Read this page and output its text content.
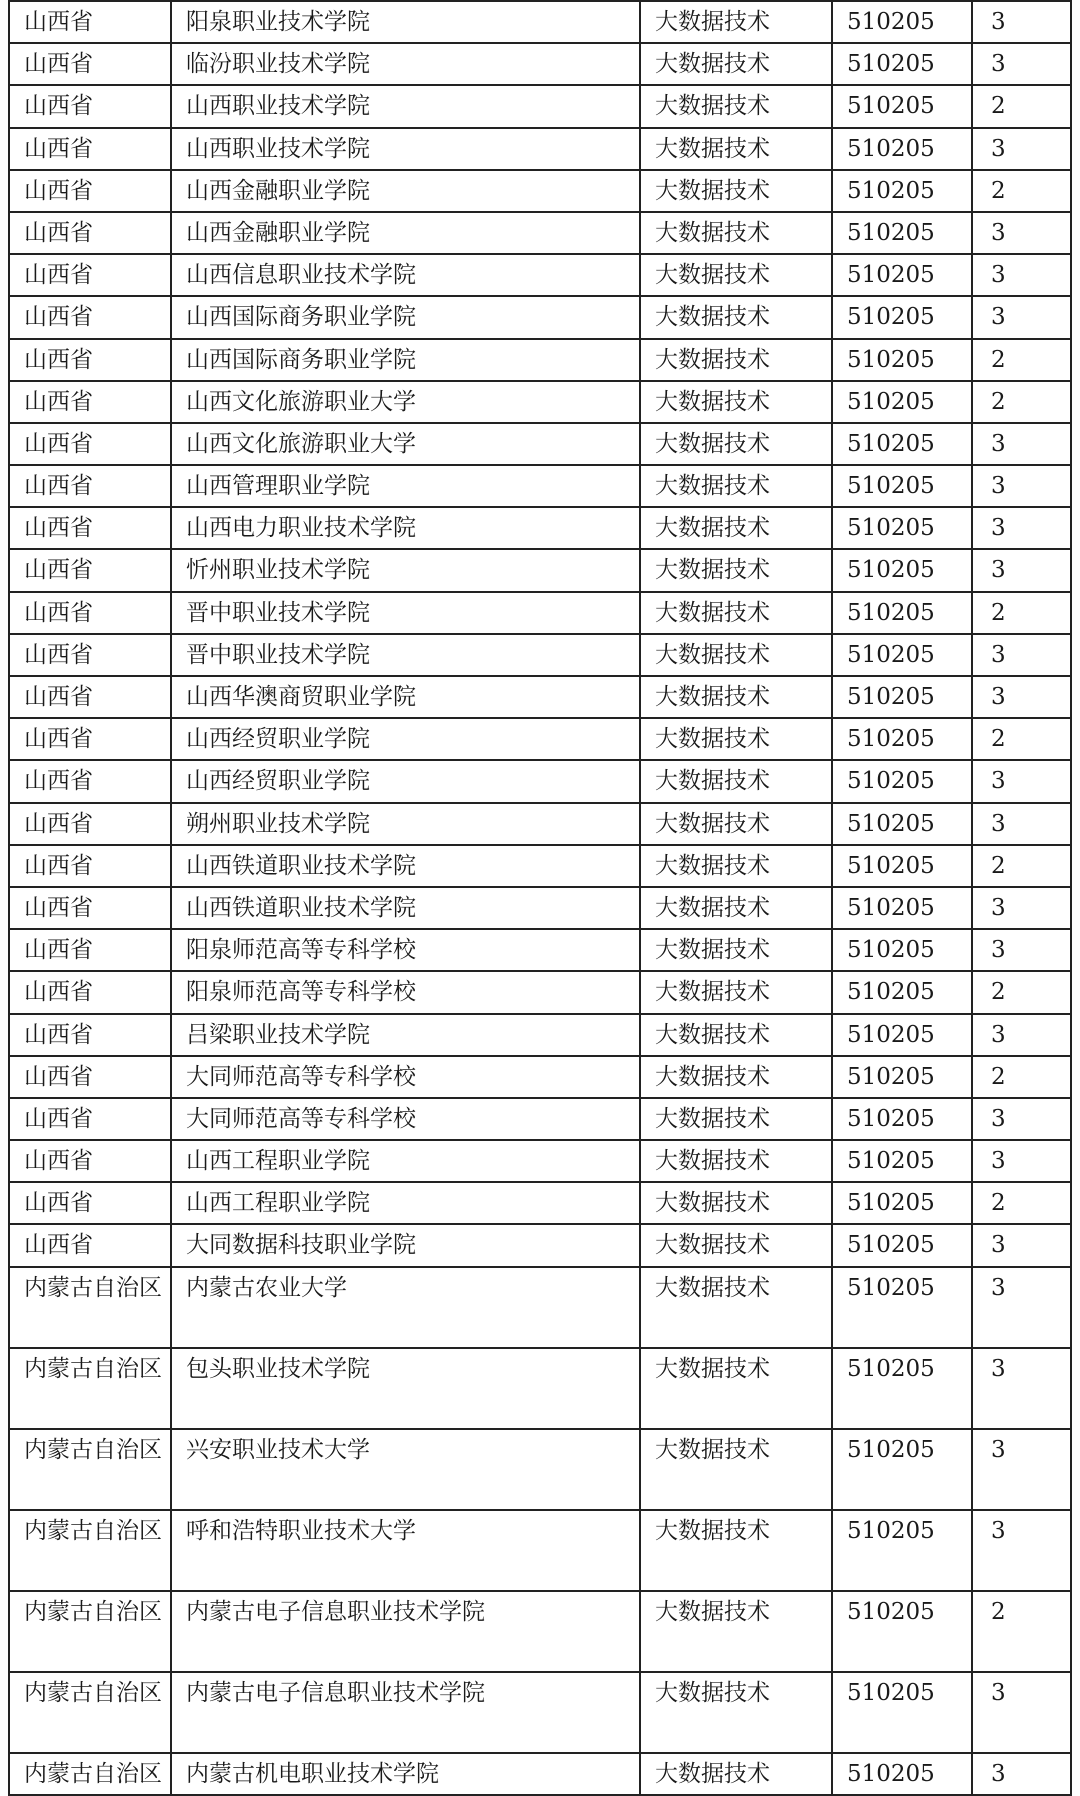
山西省	阳泉职业技术学院	大数据技术	510205	3
山西省	临汾职业技术学院	大数据技术	510205	3
山西省	山西职业技术学院	大数据技术	510205	2
山西省	山西职业技术学院	大数据技术	510205	3
山西省	山西金融职业学院	大数据技术	510205	2
山西省	山西金融职业学院	大数据技术	510205	3
山西省	山西信息职业技术学院	大数据技术	510205	3
山西省	山西国际商务职业学院	大数据技术	510205	3
山西省	山西国际商务职业学院	大数据技术	510205	2
山西省	山西文化旅游职业大学	大数据技术	510205	2
山西省	山西文化旅游职业大学	大数据技术	510205	3
山西省	山西管理职业学院	大数据技术	510205	3
山西省	山西电力职业技术学院	大数据技术	510205	3
山西省	忻州职业技术学院	大数据技术	510205	3
山西省	晋中职业技术学院	大数据技术	510205	2
山西省	晋中职业技术学院	大数据技术	510205	3
山西省	山西华澳商贸职业学院	大数据技术	510205	3
山西省	山西经贸职业学院	大数据技术	510205	2
山西省	山西经贸职业学院	大数据技术	510205	3
山西省	朔州职业技术学院	大数据技术	510205	3
山西省	山西铁道职业技术学院	大数据技术	510205	2
山西省	山西铁道职业技术学院	大数据技术	510205	3
山西省	阳泉师范高等专科学校	大数据技术	510205	3
山西省	阳泉师范高等专科学校	大数据技术	510205	2
山西省	吕梁职业技术学院	大数据技术	510205	3
山西省	大同师范高等专科学校	大数据技术	510205	2
山西省	大同师范高等专科学校	大数据技术	510205	3
山西省	山西工程职业学院	大数据技术	510205	3
山西省	山西工程职业学院	大数据技术	510205	2
山西省	大同数据科技职业学院	大数据技术	510205	3
内蒙古自治区	内蒙古农业大学	大数据技术	510205	3
内蒙古自治区	包头职业技术学院	大数据技术	510205	3
内蒙古自治区	兴安职业技术大学	大数据技术	510205	3
内蒙古自治区	呼和浩特职业技术大学	大数据技术	510205	3
内蒙古自治区	内蒙古电子信息职业技术学院	大数据技术	510205	2
内蒙古自治区	内蒙古电子信息职业技术学院	大数据技术	510205	3
内蒙古自治区	内蒙古机电职业技术学院	大数据技术	510205	3
